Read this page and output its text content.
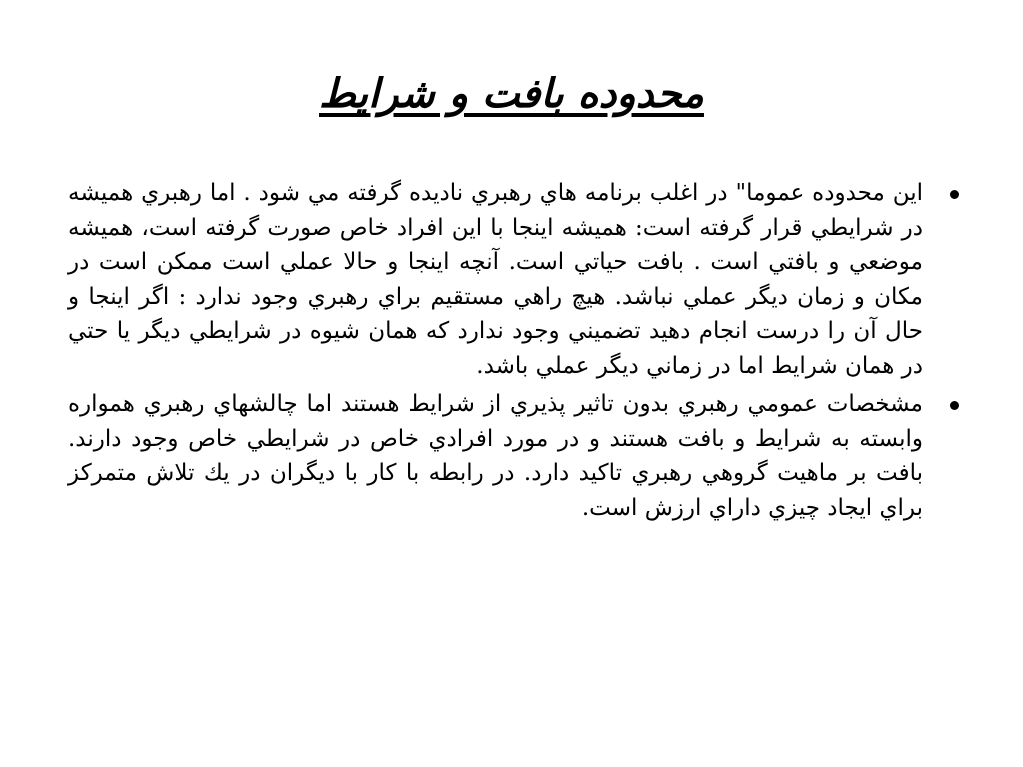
محدوده بافت و شرايط
اين محدوده عموما" در اغلب برنامه هاي رهبري ناديده گرفته مي شود . اما رهبري هميشه در شرايطي قرار گرفته است: هميشه اينجا با اين افراد خاص صورت گرفته است، هميشه موضعي و بافتي است . بافت حياتي است. آنچه اينجا و حالا عملي است ممكن است در مكان و زمان ديگر عملي نباشد. هيچ راهي مستقيم براي رهبري وجود ندارد : اگر اينجا و حال آن را درست انجام دهيد تضميني وجود ندارد كه همان شيوه در شرايطي ديگر يا حتي در همان شرايط اما در زماني ديگر عملي باشد.
مشخصات عمومي رهبري بدون تاثير پذيري از شرايط هستند اما چالشهاي رهبري همواره وابسته به شرايط و بافت هستند و در مورد افرادي خاص در شرايطي خاص وجود دارند. بافت بر ماهيت گروهي رهبري تاكيد دارد. در رابطه با كار با ديگران در يك تلاش متمركز براي ايجاد چيزي داراي ارزش است.
